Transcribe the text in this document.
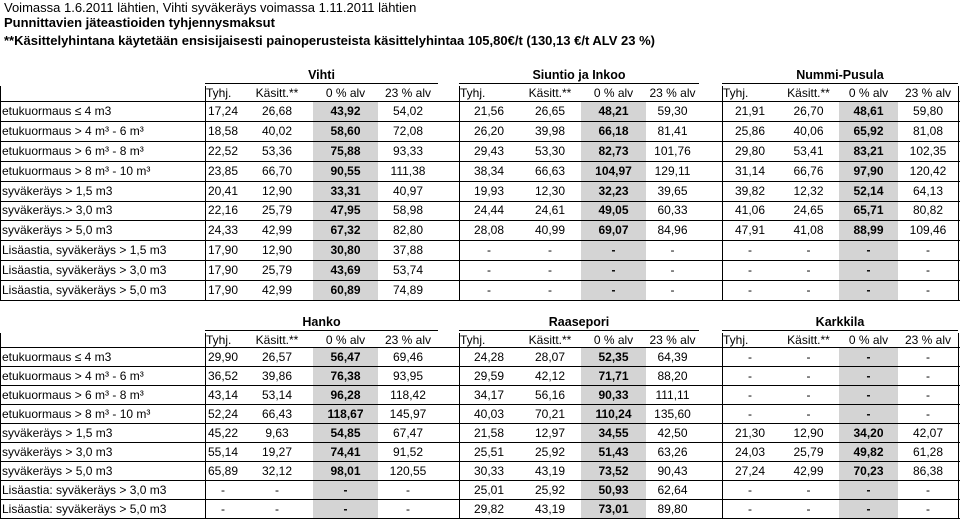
Voimassa 1.6.2011 lähtien, Vihti syväkeräys voimassa 1.11.2011 lähtien
Punnittavien jäteastioiden tyhjennysmaksut
**Käsittelyhintana käytetään ensisijaisesti painoperusteista käsittelyhintaa 105,80€/t (130,13 €/t ALV 23 %)
Vihti	Siuntio ja Inkoo	Nummi-Pusula
Tyhj.	Käsitt.**	0 % alv	23 % alv	Tyhj.	Käsitt.**	0 % alv	23 % alv Tyhj.	Käsitt.**	0 % alv	23 % alv
etukuormaus ≤ 4 m3	17,24	26,68	43,92	54,02	21,56	26,65	48,21	59,30	21,91	26,70	48,61	59,80
etukuormaus > 4 m³ - 6 m³	18,58	40,02	58,60	72,08	26,20	39,98	66,18	81,41	25,86	40,06	65,92	81,08
etukuormaus > 6 m³ - 8 m³	22,52	53,36	75,88	93,33	29,43	53,30	82,73	101,76	29,80	53,41	83,21	102,35
etukuormaus > 8 m³ - 10 m³	23,85	66,70	90,55	111,38	38,34	66,63	104,97	129,11	31,14	66,76	97,90	120,42
syväkeräys > 1,5 m3	20,41	12,90	33,31	40,97	19,93	12,30	32,23	39,65	39,82	12,32	52,14	64,13
syväkeräys.> 3,0 m3	22,16	25,79	47,95	58,98	24,44	24,61	49,05	60,33	41,06	24,65	65,71	80,82
syväkeräys > 5,0 m3	24,33	42,99	67,32	82,80	28,08	40,99	69,07	84,96	47,91	41,08	88,99	109,46
Lisäastia, syväkeräys > 1,5 m3	17,90	12,90	30,80	37,88	-	-	-	-	-	-	-	-
Lisäastia, syväkeräys > 3,0 m3	17,90	25,79	43,69	53,74	-	-	-	-	-	-	-	-
Lisäastia, syväkeräys > 5,0 m3	17,90	42,99	60,89	74,89	-	-	-	-	-	-	-	-
Hanko	Raasepori	Karkkila
Tyhj.	Käsitt.**	0 % alv	23 % alv	Tyhj.	Käsitt.**	0 % alv	23 % alv Tyhj.	Käsitt.**	0 % alv	23 % alv
etukuormaus ≤ 4 m3	29,90	26,57	56,47	69,46	24,28	28,07	52,35	64,39	-	-	-	-
etukuormaus > 4 m³ - 6 m³	36,52	39,86	76,38	93,95	29,59	42,12	71,71	88,20	-	-	-	-
etukuormaus > 6 m³ - 8 m³	43,14	53,14	96,28	118,42	34,17	56,16	90,33	111,11	-	-	-	-
etukuormaus > 8 m³ - 10 m³	52,24	66,43	118,67	145,97	40,03	70,21	110,24	135,60	-	-	-	-
syväkeräys > 1,5 m3	45,22	9,63	54,85	67,47	21,58	12,97	34,55	42,50	21,30	12,90	34,20	42,07
syväkeräys > 3,0 m3	55,14	19,27	74,41	91,52	25,51	25,92	51,43	63,26	24,03	25,79	49,82	61,28
syväkeräys > 5,0 m3	65,89	32,12	98,01	120,55	30,33	43,19	73,52	90,43	27,24	42,99	70,23	86,38
Lisäastia: syväkeräys > 3,0 m3	-	-	-	-	25,01	25,92	50,93	62,64	-	-	-	-
Lisäastia: syväkeräys > 5,0 m3	-	-	-	-	29,82	43,19	73,01	89,80	-	-	-	-
